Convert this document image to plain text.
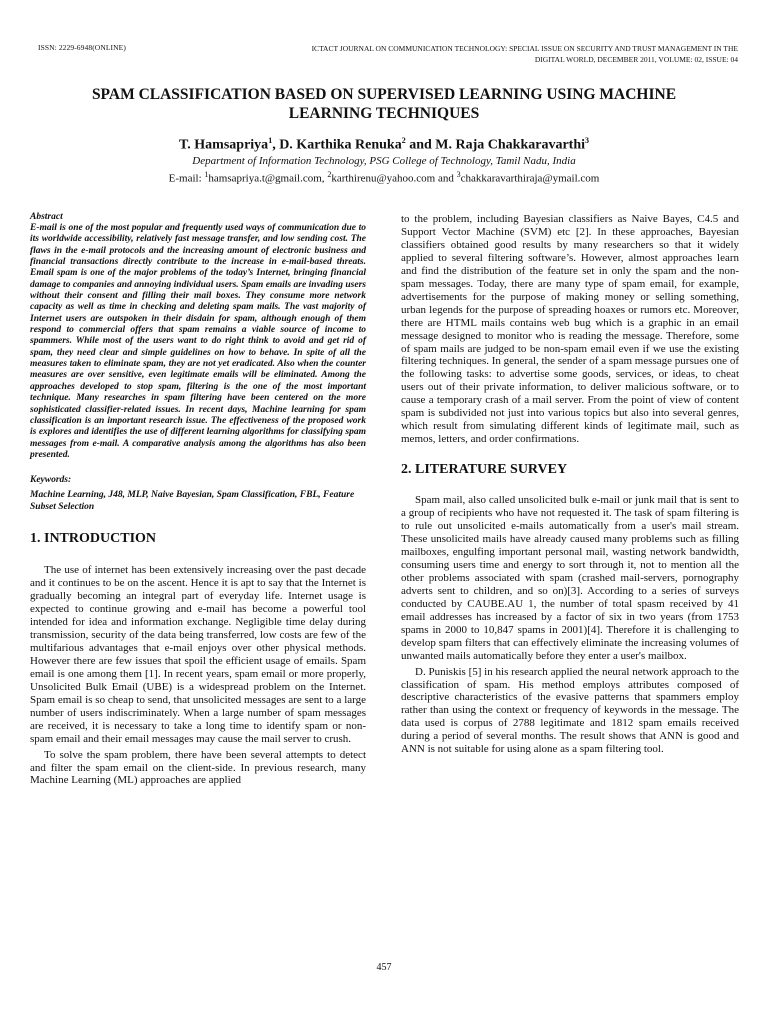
ISSN: 2229-6948(ONLINE)	ICTACT JOURNAL ON COMMUNICATION TECHNOLOGY: SPECIAL ISSUE ON SECURITY AND TRUST MANAGEMENT IN THE
DIGITAL WORLD, DECEMBER 2011, VOLUME: 02, ISSUE: 04
SPAM CLASSIFICATION BASED ON SUPERVISED LEARNING USING MACHINE
LEARNING TECHNIQUES
T. Hamsapriya$^1$, D. Karthika Renuka$^2$ and M. Raja Chakkaravarthi$^3$
Department of Information Technology, PSG College of Technology, Tamil Nadu, India
E-mail: $^1$hamsapriya.t@gmail.com, $^2$karthirenu@yahoo.com and $^3$chakkaravarthiraja@ymail.com

Abstract

E-mail is one of the most popular and frequently used ways of communication due to its worldwide accessibility, relatively fast message transfer, and low sending cost. The flaws in the e-mail protocols and the increasing amount of electronic business and financial transactions directly contribute to the increase in e-mail-based threats. Email spam is one of the major problems of the today’s Internet, bringing financial damage to companies and annoying individual users. Spam emails are invading users without their consent and filling their mail boxes. They consume more network capacity as well as time in checking and deleting spam mails. The vast majority of Internet users are outspoken in their disdain for spam, although enough of them respond to commercial offers that spam remains a viable source of income to spammers. While most of the users want to do right think to avoid and get rid of spam, they need clear and simple guidelines on how to behave. In spite of all the measures taken to eliminate spam, they are not yet eradicated. Also when the counter measures are over sensitive, even legitimate emails will be eliminated. Among the approaches developed to stop spam, filtering is the one of the most important technique. Many researches in spam filtering have been centered on the more sophisticated classifier-related issues. In recent days, Machine learning for spam classification is an important research issue. The effectiveness of the proposed work is explores and identifies the use of different learning algorithms for classifying spam messages from e-mail. A comparative analysis among the algorithms has also been presented.

Keywords:

Machine Learning, J48, MLP, Naive Bayesian, Spam Classification, FBL, Feature Subset Selection

1. INTRODUCTION

The use of internet has been extensively increasing over the past decade and it continues to be on the ascent. Hence it is apt to say that the Internet is gradually becoming an integral part of everyday life. Internet usage is expected to continue growing and e-mail has become a powerful tool intended for idea and information exchange. Negligible time delay during transmission, security of the data being transferred, low costs are few of the multifarious advantages that e-mail enjoys over other physical methods. However there are few issues that spoil the efficient usage of emails. Spam email is one among them [1]. In recent years, spam email or more properly, Unsolicited Bulk Email (UBE) is a widespread problem on the Internet. Spam email is so cheap to send, that unsolicited messages are sent to a large number of users indiscriminately. When a large number of spam messages are received, it is necessary to take a long time to identify spam or non-spam email and their email messages may cause the mail server to crush.

To solve the spam problem, there have been several attempts to detect and filter the spam email on the client-side. In previous research, many Machine Learning (ML) approaches are applied

to the problem, including Bayesian classifiers as Naive Bayes, C4.5 and Support Vector Machine (SVM) etc [2]. In these approaches, Bayesian classifiers obtained good results by many researchers so that it widely applied to several filtering software’s. However, almost approaches learn and find the distribution of the feature set in only the spam and the non-spam messages. Today, there are many type of spam email, for example, advertisements for the purpose of making money or selling something, urban legends for the purpose of spreading hoaxes or rumors etc. Moreover, there are HTML mails contains web bug which is a graphic in an email message designed to monitor who is reading the message. Therefore, some of spam mails are judged to be non-spam email even if we use the existing filtering techniques. In general, the sender of a spam message pursues one of the following tasks: to advertise some goods, services, or ideas, to cheat users out of their private information, to deliver malicious software, or to cause a temporary crash of a mail server. From the point of view of content spam is subdivided not just into various topics but also into several genres, which result from simulating different kinds of legitimate mail, such as memos, letters, and order confirmations.

2. LITERATURE SURVEY

Spam mail, also called unsolicited bulk e-mail or junk mail that is sent to a group of recipients who have not requested it. The task of spam filtering is to rule out unsolicited e-mails automatically from a user's mail stream. These unsolicited mails have already caused many problems such as filling mailboxes, engulfing important personal mail, wasting network bandwidth, consuming users time and energy to sort through it, not to mention all the other problems associated with spam (crashed mail-servers, pornography adverts sent to children, and so on)[3]. According to a series of surveys conducted by CAUBE.AU 1, the number of total spasm received by 41 email addresses has increased by a factor of six in two years (from 1753 spams in 2000 to 10,847 spams in 2001)[4]. Therefore it is challenging to develop spam filters that can effectively eliminate the increasing volumes of unwanted mails automatically before they enter a user's mailbox.

D. Puniskis [5] in his research applied the neural network approach to the classification of spam. His method employs attributes composed of descriptive characteristics of the evasive patterns that spammers employ rather than using the context or frequency of keywords in the message. The data used is corpus of 2788 legitimate and 1812 spam emails received during a period of several months. The result shows that ANN is good and ANN is not suitable for using alone as a spam filtering tool.

457
